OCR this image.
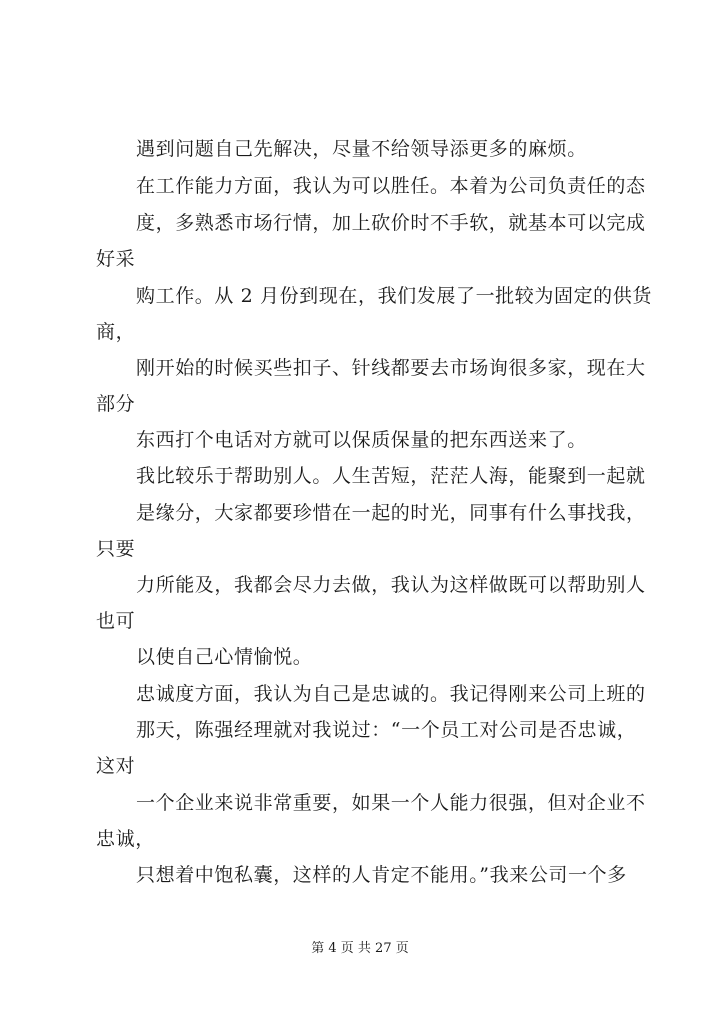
遇到问题自己先解决，尽量不给领导添更多的麻烦。
在工作能力方面，我认为可以胜任。本着为公司负责任的态
度，多熟悉市场行情，加上砍价时不手软，就基本可以完成
好采
购工作。从 2 月份到现在，我们发展了一批较为固定的供货
商，
刚开始的时候买些扣子、针线都要去市场询很多家，现在大
部分
东西打个电话对方就可以保质保量的把东西送来了。
我比较乐于帮助别人。人生苦短，茫茫人海，能聚到一起就
是缘分，大家都要珍惜在一起的时光，同事有什么事找我，
只要
力所能及，我都会尽力去做，我认为这样做既可以帮助别人
也可
以使自己心情愉悦。
忠诚度方面，我认为自己是忠诚的。我记得刚来公司上班的
那天，陈强经理就对我说过：“一个员工对公司是否忠诚，
这对
一个企业来说非常重要，如果一个人能力很强，但对企业不
忠诚，
只想着中饱私囊，这样的人肯定不能用。”我来公司一个多
第 4 页 共 27 页
